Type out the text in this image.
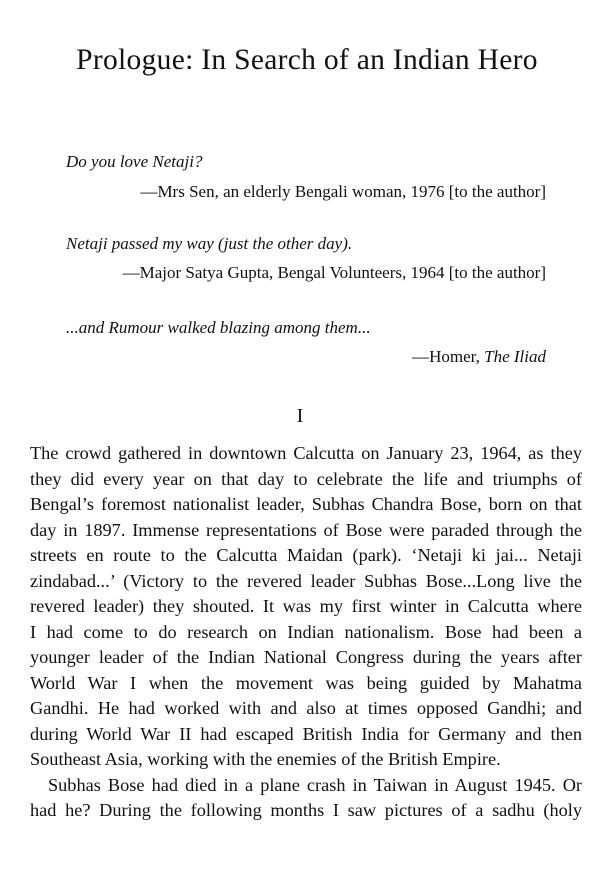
Prologue: In Search of an Indian Hero
Do you love Netaji?
—Mrs Sen, an elderly Bengali woman, 1976 [to the author]
Netaji passed my way (just the other day).
—Major Satya Gupta, Bengal Volunteers, 1964 [to the author]
...and Rumour walked blazing among them...
—Homer, The Iliad
I
The crowd gathered in downtown Calcutta on January 23, 1964, as they
they did every year on that day to celebrate the life and triumphs of
Bengal’s foremost nationalist leader, Subhas Chandra Bose, born on that
day in 1897. Immense representations of Bose were paraded through the
streets en route to the Calcutta Maidan (park). ‘Netaji ki jai... Netaji
zindabad...’ (Victory to the revered leader Subhas Bose...Long live the
revered leader) they shouted. It was my first winter in Calcutta where
I had come to do research on Indian nationalism. Bose had been a
younger leader of the Indian National Congress during the years after
World War I when the movement was being guided by Mahatma
Gandhi. He had worked with and also at times opposed Gandhi; and
during World War II had escaped British India for Germany and then
Southeast Asia, working with the enemies of the British Empire.
Subhas Bose had died in a plane crash in Taiwan in August 1945. Or
had he? During the following months I saw pictures of a sadhu (holy
